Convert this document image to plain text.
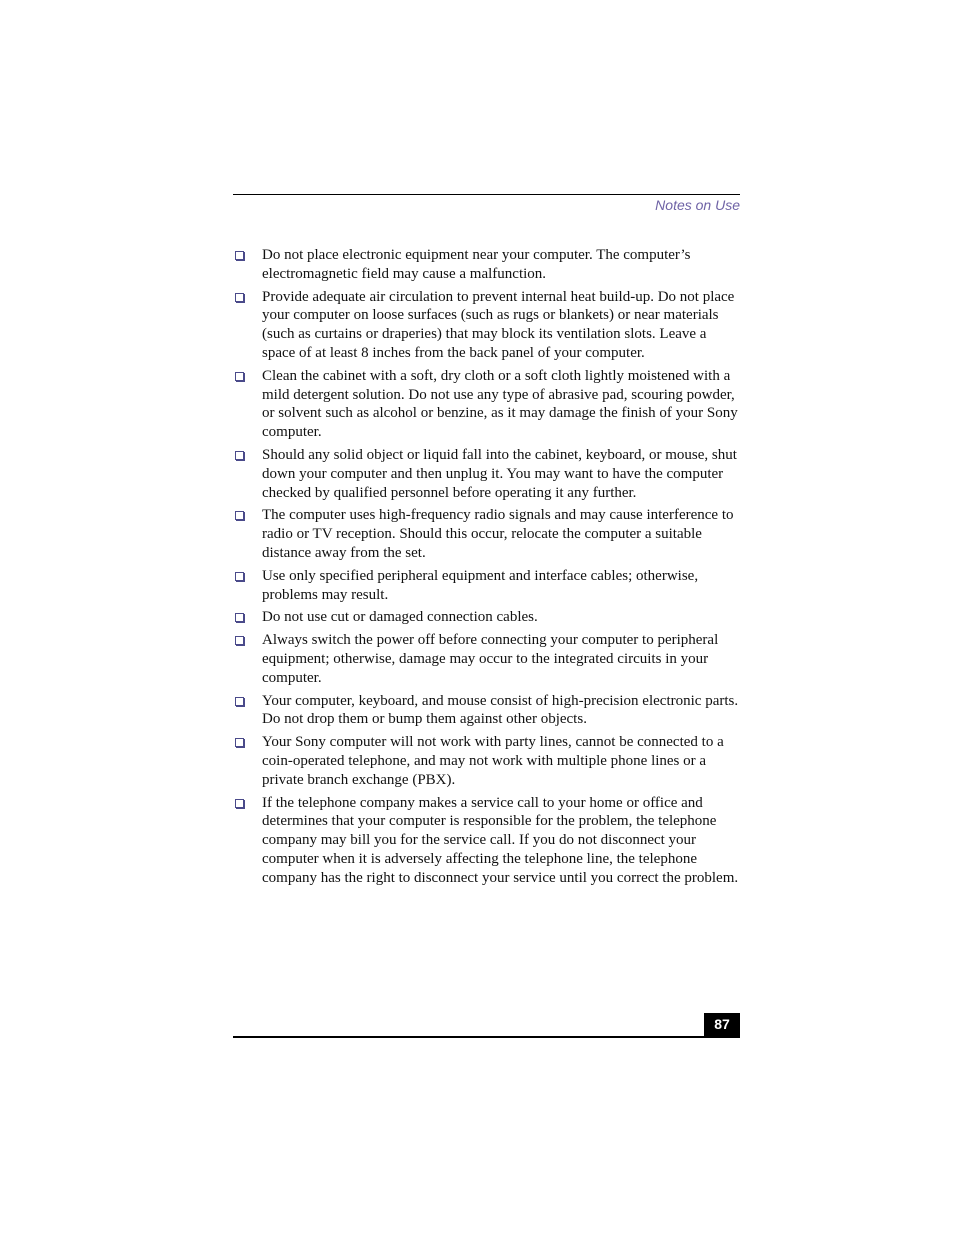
Notes on Use
Do not place electronic equipment near your computer. The computer’s electromagnetic field may cause a malfunction.
Provide adequate air circulation to prevent internal heat build-up. Do not place your computer on loose surfaces (such as rugs or blankets) or near materials (such as curtains or draperies) that may block its ventilation slots. Leave a space of at least 8 inches from the back panel of your computer.
Clean the cabinet with a soft, dry cloth or a soft cloth lightly moistened with a mild detergent solution. Do not use any type of abrasive pad, scouring powder, or solvent such as alcohol or benzine, as it may damage the finish of your Sony computer.
Should any solid object or liquid fall into the cabinet, keyboard, or mouse, shut down your computer and then unplug it. You may want to have the computer checked by qualified personnel before operating it any further.
The computer uses high-frequency radio signals and may cause interference to radio or TV reception. Should this occur, relocate the computer a suitable distance away from the set.
Use only specified peripheral equipment and interface cables; otherwise, problems may result.
Do not use cut or damaged connection cables.
Always switch the power off before connecting your computer to peripheral equipment; otherwise, damage may occur to the integrated circuits in your computer.
Your computer, keyboard, and mouse consist of high-precision electronic parts. Do not drop them or bump them against other objects.
Your Sony computer will not work with party lines, cannot be connected to a coin-operated telephone, and may not work with multiple phone lines or a private branch exchange (PBX).
If the telephone company makes a service call to your home or office and determines that your computer is responsible for the problem, the telephone company may bill you for the service call. If you do not disconnect your computer when it is adversely affecting the telephone line, the telephone company has the right to disconnect your service until you correct the problem.
87
